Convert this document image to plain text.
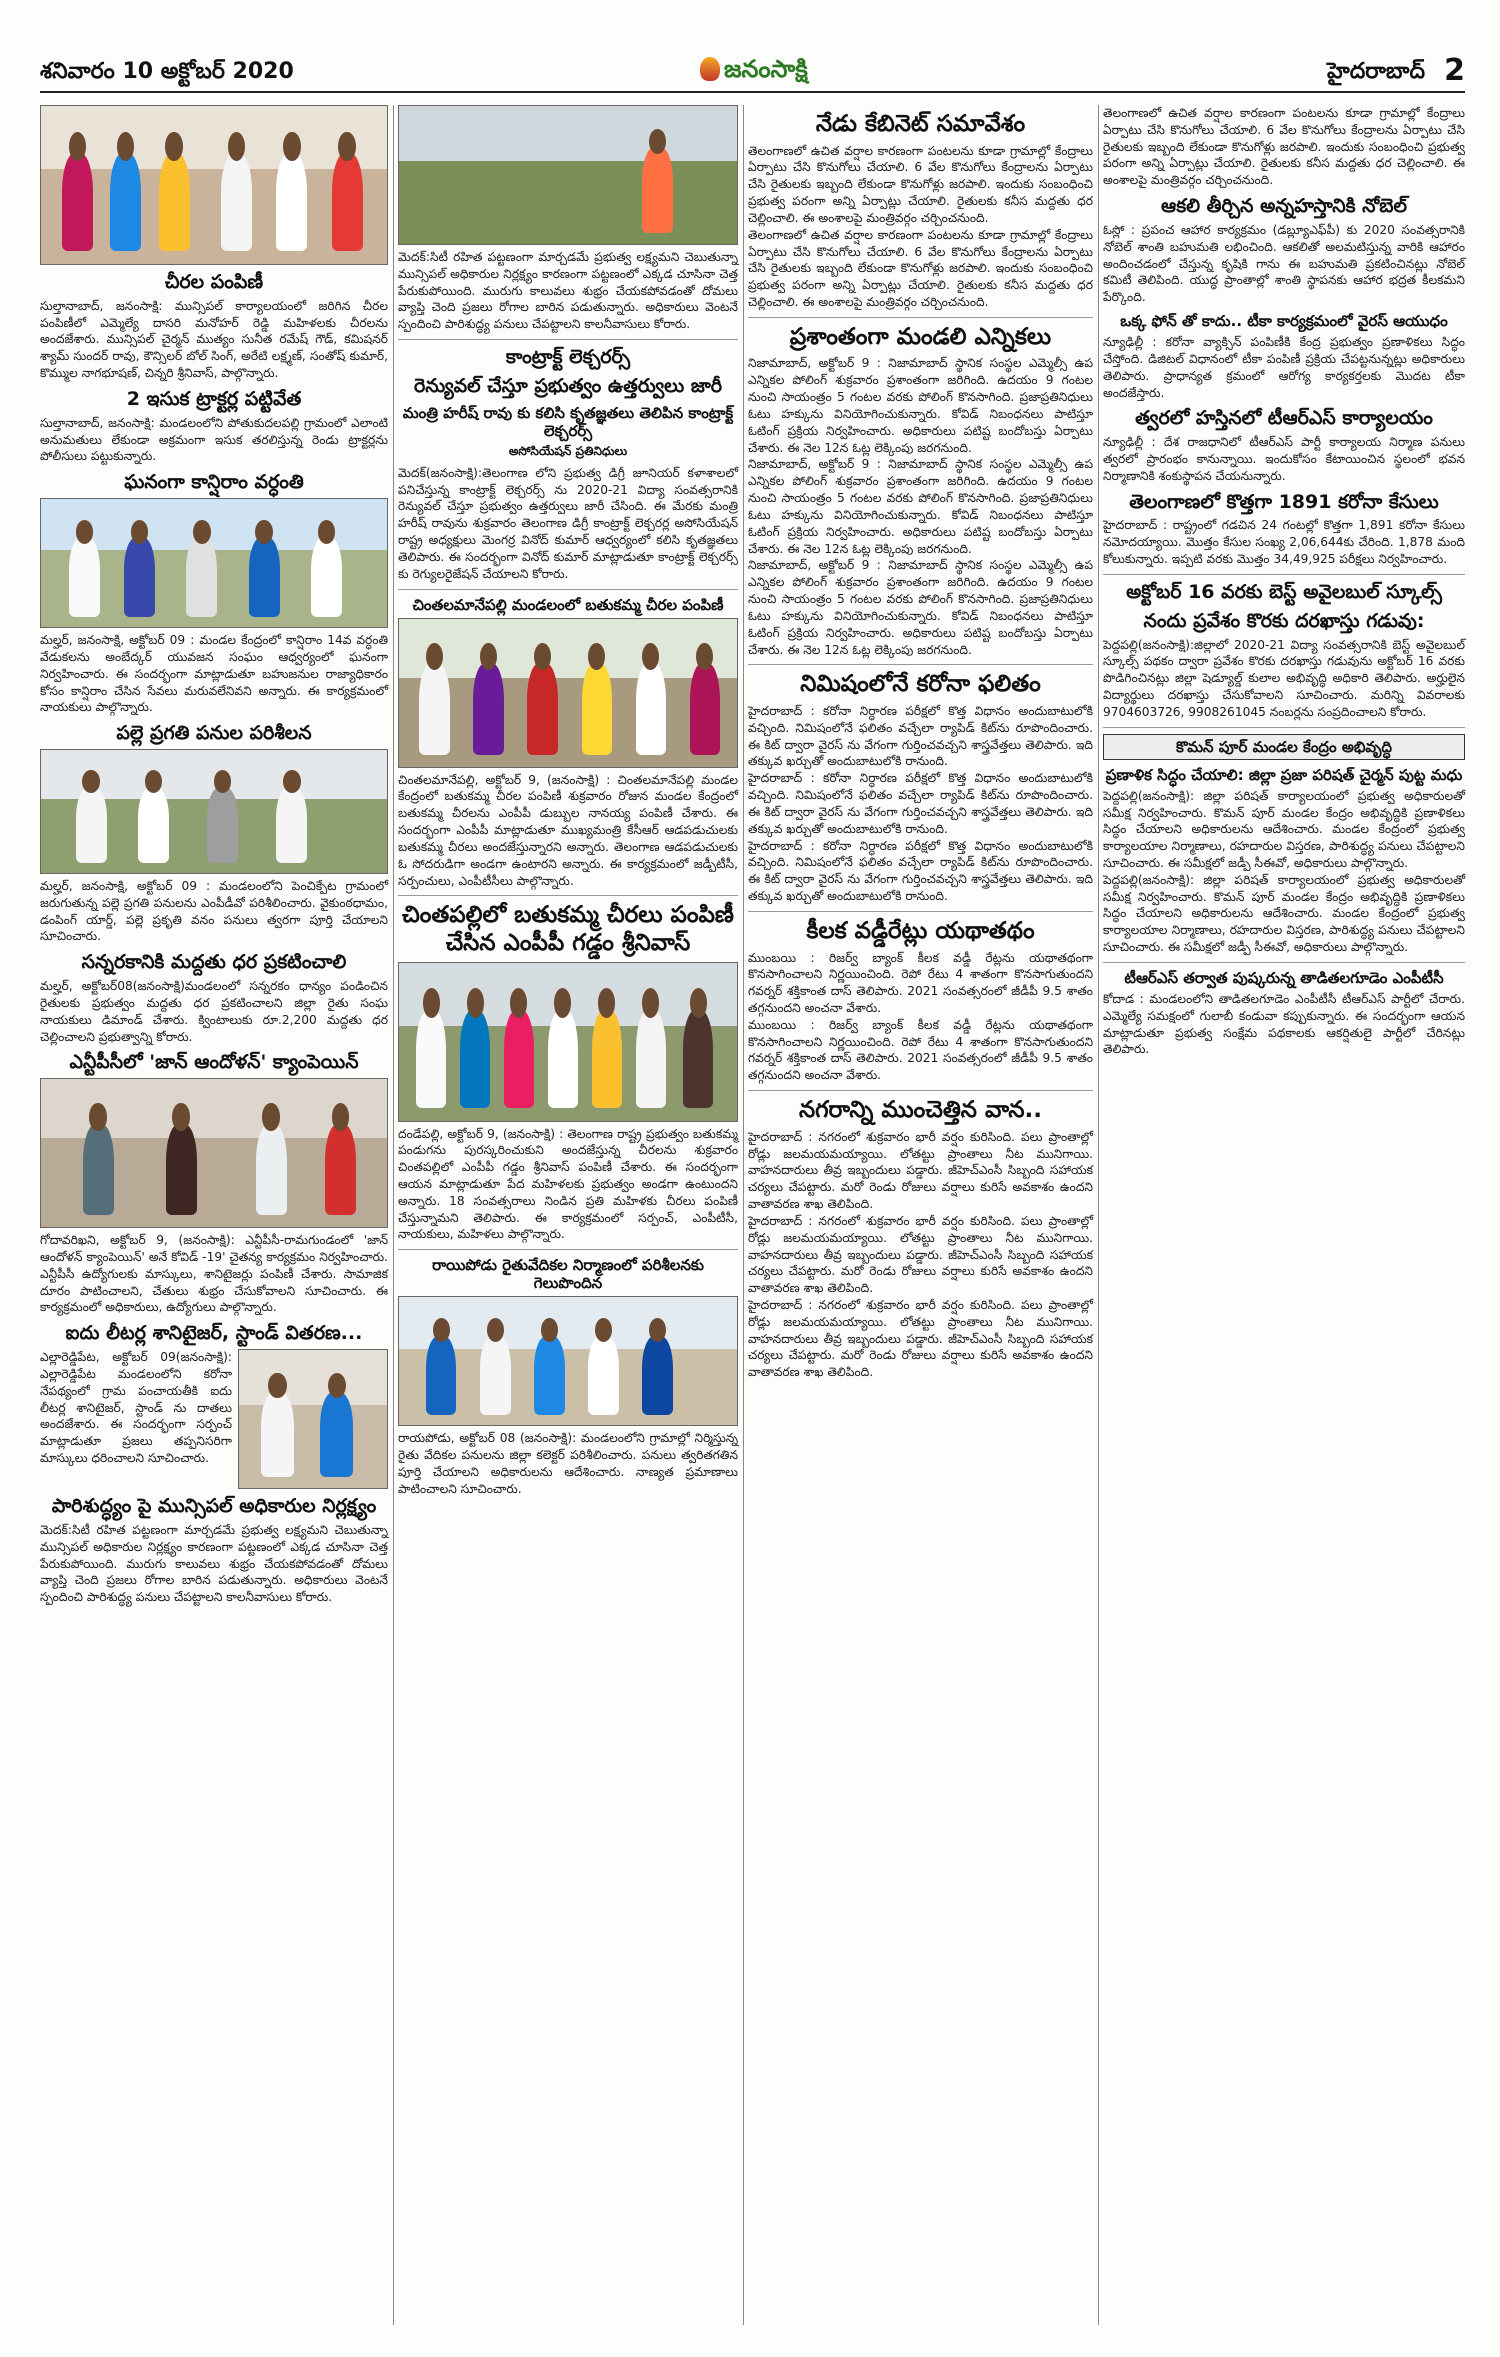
శనివారం 10 అక్టోబర్ 2020	జనంసాక్షి	హైదరాబాద్ 2
చీరల పంపిణీ
సుల్తానాబాద్, జనంసాక్షి: మున్సిపల్ కార్యాలయంలో జరిగిన చీరల పంపిణీలో ఎమ్మెల్యే దాసరి మనోహర్ రెడ్డి మహిళలకు చీరలను అందజేశారు. మున్సిపల్ చైర్మన్ ముత్యం సునీత రమేష్ గౌడ్, కమిషనర్ శ్యామ్ సుందర్ రావు, కౌన్సిలర్ బోల్ సింగ్, అరేటి లక్ష్మణ్, సంతోష్ కుమార్, కొమ్ముల నాగభూషణ్, చిన్నరి శ్రీనివాస్, పాల్గొన్నారు.
2 ఇసుక ట్రాక్టర్ల పట్టివేత
సుల్తానాబాద్, జనంసాక్షి: మండలంలోని పోతుకుదలపల్లి గ్రామంలో ఎలాంటి అనుమతులు లేకుండా అక్రమంగా ఇసుక తరలిస్తున్న రెండు ట్రాక్టర్లను పోలీసులు పట్టుకున్నారు.
ఘనంగా కాన్షిరాం వర్ధంతి
మల్హర్, జనంసాక్షి, అక్టోబర్ 09 : మండల కేంద్రంలో కాన్షిరాం 14వ వర్ధంతి వేడుకలను అంబేద్కర్ యువజన సంఘం ఆధ్వర్యంలో ఘనంగా నిర్వహించారు. ఈ సందర్భంగా మాట్లాడుతూ బహుజనుల రాజ్యాధికారం కోసం కాన్షిరాం చేసిన సేవలు మరువలేనివని అన్నారు. ఈ కార్యక్రమంలో నాయకులు పాల్గొన్నారు.
పల్లె ప్రగతి పనుల పరిశీలన
మల్హర్, జనంసాక్షి, అక్టోబర్ 09 : మండలంలోని పెంచిక్పేట గ్రామంలో జరుగుతున్న పల్లె ప్రగతి పనులను ఎంపీడీవో పరిశీలించారు. వైకుంఠధామం, డంపింగ్ యార్డ్, పల్లె ప్రకృతి వనం పనులు త్వరగా పూర్తి చేయాలని సూచించారు.
సన్నరకానికి మద్దతు ధర ప్రకటించాలి
మల్హర్, అక్టోబర్08(జనంసాక్షి)మండలంలో సన్నరకం ధాన్యం పండించిన రైతులకు ప్రభుత్వం మద్దతు ధర ప్రకటించాలని జిల్లా రైతు సంఘ నాయకులు డిమాండ్ చేశారు. క్వింటాలుకు రూ.2,200 మద్దతు ధర చెల్లించాలని ప్రభుత్వాన్ని కోరారు.
ఎన్టీపీసీలో 'జాన్ ఆందోళన్' క్యాంపెయిన్
గోదావరిఖని, అక్టోబర్ 9, (జనంసాక్షి): ఎన్టీపీసీ-రామగుండంలో 'జాన్ ఆందోళన్ క్యాంపెయిన్' అనే కోవిడ్ -19' చైతన్య కార్యక్రమం నిర్వహించారు. ఎన్టీపీసీ ఉద్యోగులకు మాస్కులు, శానిటైజర్లు పంపిణీ చేశారు. సామాజిక దూరం పాటించాలని, చేతులు శుభ్రం చేసుకోవాలని సూచించారు. ఈ కార్యక్రమంలో అధికారులు, ఉద్యోగులు పాల్గొన్నారు.
ఐదు లీటర్ల శానిటైజర్, స్టాండ్ వితరణ...
ఎల్లారెడ్డిపేట, అక్టోబర్ 09(జనంసాక్షి): ఎల్లారెడ్డిపేట మండలంలోని కరోనా నేపథ్యంలో గ్రామ పంచాయతీకి ఐదు లీటర్ల శానిటైజర్, స్టాండ్ ను దాతలు అందజేశారు. ఈ సందర్భంగా సర్పంచ్ మాట్లాడుతూ ప్రజలు తప్పనిసరిగా మాస్కులు ధరించాలని సూచించారు.
పారిశుద్ధ్యం పై మున్సిపల్ అధికారుల నిర్లక్ష్యం
మెదక్:సిటీ రహిత పట్టణంగా మార్చడమే ప్రభుత్వ లక్ష్యమని చెబుతున్నా మున్సిపల్ అధికారుల నిర్లక్ష్యం కారణంగా పట్టణంలో ఎక్కడ చూసినా చెత్త పేరుకుపోయింది. మురుగు కాలువలు శుభ్రం చేయకపోవడంతో దోమలు వ్యాప్తి చెంది ప్రజలు రోగాల బారిన పడుతున్నారు. అధికారులు వెంటనే స్పందించి పారిశుద్ధ్య పనులు చేపట్టాలని కాలనీవాసులు కోరారు.
మెదక్:సిటీ రహిత పట్టణంగా మార్చడమే ప్రభుత్వ లక్ష్యమని చెబుతున్నా మున్సిపల్ అధికారుల నిర్లక్ష్యం కారణంగా పట్టణంలో ఎక్కడ చూసినా చెత్త పేరుకుపోయింది. మురుగు కాలువలు శుభ్రం చేయకపోవడంతో దోమలు వ్యాప్తి చెంది ప్రజలు రోగాల బారిన పడుతున్నారు. అధికారులు వెంటనే స్పందించి పారిశుద్ధ్య పనులు చేపట్టాలని కాలనీవాసులు కోరారు.
కాంట్రాక్ట్ లెక్చరర్స్
రెన్యువల్ చేస్తూ ప్రభుత్వం ఉత్తర్వులు జారీ
మంత్రి హరీష్ రావు కు కలిసి కృతజ్ఞతలు తెలిపిన కాంట్రాక్ట్ లెక్చరర్స్
అసోసియేషన్ ప్రతినిధులు
మెదక్(జనంసాక్షి):తెలంగాణ లోని ప్రభుత్వ డిగ్రీ జూనియర్ కళాశాలలో పనిచేస్తున్న కాంట్రాక్ట్ లెక్చరర్స్ ను 2020-21 విద్యా సంవత్సరానికి రెన్యువల్ చేస్తూ ప్రభుత్వం ఉత్తర్వులు జారీ చేసింది. ఈ మేరకు మంత్రి హరీష్ రావును శుక్రవారం తెలంగాణ డిగ్రీ కాంట్రాక్ట్ లెక్చరర్ల అసోసియేషన్ రాష్ట్ర అధ్యక్షులు మెంగర్ర వినోద్ కుమార్ ఆధ్వర్యంలో కలిసి కృతజ్ఞతలు తెలిపారు. ఈ సందర్భంగా వినోద్ కుమార్ మాట్లాడుతూ కాంట్రాక్ట్ లెక్చరర్స్ కు రెగ్యులరైజేషన్ చేయాలని కోరారు.
చింతలమానేపల్లి మండలంలో బతుకమ్మ చీరల పంపిణీ
చింతలమానేపల్లి, అక్టోబర్ 9, (జనంసాక్షి) : చింతలమానేపల్లి మండల కేంద్రంలో బతుకమ్మ చీరల పంపిణీ శుక్రవారం రోజున మండల కేంద్రంలో బతుకమ్మ చీరలను ఎంపీపీ డుబ్బుల నానయ్య పంపిణీ చేశారు. ఈ సందర్భంగా ఎంపీపీ మాట్లాడుతూ ముఖ్యమంత్రి కేసీఆర్ ఆడపడుచులకు బతుకమ్మ చీరలు అందజేస్తున్నారని అన్నారు. తెలంగాణ ఆడపడుచులకు ఓ సోదరుడిగా అండగా ఉంటారని అన్నారు. ఈ కార్యక్రమంలో జడ్పీటీసీ, సర్పంచులు, ఎంపీటీసీలు పాల్గొన్నారు.
చింతపల్లిలో బతుకమ్మ చీరలు పంపిణీ చేసిన ఎంపీపీ గడ్డం శ్రీనివాస్
దండేపల్లి, అక్టోబర్ 9, (జనంసాక్షి) : తెలంగాణ రాష్ట్ర ప్రభుత్వం బతుకమ్మ పండుగను పురస్కరించుకుని అందజేస్తున్న చీరలను శుక్రవారం చింతపల్లిలో ఎంపీపీ గడ్డం శ్రీనివాస్ పంపిణీ చేశారు. ఈ సందర్భంగా ఆయన మాట్లాడుతూ పేద మహిళలకు ప్రభుత్వం అండగా ఉంటుందని అన్నారు. 18 సంవత్సరాలు నిండిన ప్రతి మహిళకు చీరలు పంపిణీ చేస్తున్నామని తెలిపారు. ఈ కార్యక్రమంలో సర్పంచ్, ఎంపీటీసీ, నాయకులు, మహిళలు పాల్గొన్నారు.
రాయిపోడు రైతువేదికల నిర్మాణంలో పరిశీలనకు గెలుపొందిన
రాయపోడు, అక్టోబర్ 08 (జనంసాక్షి): మండలంలోని గ్రామాల్లో నిర్మిస్తున్న రైతు వేదికల పనులను జిల్లా కలెక్టర్ పరిశీలించారు. పనులు త్వరితగతిన పూర్తి చేయాలని అధికారులను ఆదేశించారు. నాణ్యత ప్రమాణాలు పాటించాలని సూచించారు.
నేడు కేబినెట్ సమావేశం
తెలంగాణలో ఉచిత వర్షాల కారణంగా పంటలను కూడా గ్రామాల్లో కేంద్రాలు ఏర్పాటు చేసి కొనుగోలు చేయాలి. 6 వేల కొనుగోలు కేంద్రాలను ఏర్పాటు చేసి రైతులకు ఇబ్బంది లేకుండా కొనుగోళ్లు జరపాలి. ఇందుకు సంబంధించి ప్రభుత్వ పరంగా అన్ని ఏర్పాట్లు చేయాలి. రైతులకు కనీస మద్దతు ధర చెల్లించాలి. ఈ అంశాలపై మంత్రివర్గం చర్చించనుంది.
తెలంగాణలో ఉచిత వర్షాల కారణంగా పంటలను కూడా గ్రామాల్లో కేంద్రాలు ఏర్పాటు చేసి కొనుగోలు చేయాలి. 6 వేల కొనుగోలు కేంద్రాలను ఏర్పాటు చేసి రైతులకు ఇబ్బంది లేకుండా కొనుగోళ్లు జరపాలి. ఇందుకు సంబంధించి ప్రభుత్వ పరంగా అన్ని ఏర్పాట్లు చేయాలి. రైతులకు కనీస మద్దతు ధర చెల్లించాలి. ఈ అంశాలపై మంత్రివర్గం చర్చించనుంది.
ప్రశాంతంగా మండలి ఎన్నికలు
నిజామాబాద్, అక్టోబర్ 9 : నిజామాబాద్ స్థానిక సంస్థల ఎమ్మెల్సీ ఉప ఎన్నికల పోలింగ్ శుక్రవారం ప్రశాంతంగా జరిగింది. ఉదయం 9 గంటల నుంచి సాయంత్రం 5 గంటల వరకు పోలింగ్ కొనసాగింది. ప్రజాప్రతినిధులు ఓటు హక్కును వినియోగించుకున్నారు. కోవిడ్ నిబంధనలు పాటిస్తూ ఓటింగ్ ప్రక్రియ నిర్వహించారు. అధికారులు పటిష్ట బందోబస్తు ఏర్పాటు చేశారు. ఈ నెల 12న ఓట్ల లెక్కింపు జరగనుంది.
నిజామాబాద్, అక్టోబర్ 9 : నిజామాబాద్ స్థానిక సంస్థల ఎమ్మెల్సీ ఉప ఎన్నికల పోలింగ్ శుక్రవారం ప్రశాంతంగా జరిగింది. ఉదయం 9 గంటల నుంచి సాయంత్రం 5 గంటల వరకు పోలింగ్ కొనసాగింది. ప్రజాప్రతినిధులు ఓటు హక్కును వినియోగించుకున్నారు. కోవిడ్ నిబంధనలు పాటిస్తూ ఓటింగ్ ప్రక్రియ నిర్వహించారు. అధికారులు పటిష్ట బందోబస్తు ఏర్పాటు చేశారు. ఈ నెల 12న ఓట్ల లెక్కింపు జరగనుంది.
నిజామాబాద్, అక్టోబర్ 9 : నిజామాబాద్ స్థానిక సంస్థల ఎమ్మెల్సీ ఉప ఎన్నికల పోలింగ్ శుక్రవారం ప్రశాంతంగా జరిగింది. ఉదయం 9 గంటల నుంచి సాయంత్రం 5 గంటల వరకు పోలింగ్ కొనసాగింది. ప్రజాప్రతినిధులు ఓటు హక్కును వినియోగించుకున్నారు. కోవిడ్ నిబంధనలు పాటిస్తూ ఓటింగ్ ప్రక్రియ నిర్వహించారు. అధికారులు పటిష్ట బందోబస్తు ఏర్పాటు చేశారు. ఈ నెల 12న ఓట్ల లెక్కింపు జరగనుంది.
నిమిషంలోనే కరోనా ఫలితం
హైదరాబాద్ : కరోనా నిర్ధారణ పరీక్షలో కొత్త విధానం అందుబాటులోకి వచ్చింది. నిమిషంలోనే ఫలితం వచ్చేలా ర్యాపిడ్ కిట్‌ను రూపొందించారు. ఈ కిట్ ద్వారా వైరస్ ను వేగంగా గుర్తించవచ్చని శాస్త్రవేత్తలు తెలిపారు. ఇది తక్కువ ఖర్చుతో అందుబాటులోకి రానుంది.
హైదరాబాద్ : కరోనా నిర్ధారణ పరీక్షలో కొత్త విధానం అందుబాటులోకి వచ్చింది. నిమిషంలోనే ఫలితం వచ్చేలా ర్యాపిడ్ కిట్‌ను రూపొందించారు. ఈ కిట్ ద్వారా వైరస్ ను వేగంగా గుర్తించవచ్చని శాస్త్రవేత్తలు తెలిపారు. ఇది తక్కువ ఖర్చుతో అందుబాటులోకి రానుంది.
హైదరాబాద్ : కరోనా నిర్ధారణ పరీక్షలో కొత్త విధానం అందుబాటులోకి వచ్చింది. నిమిషంలోనే ఫలితం వచ్చేలా ర్యాపిడ్ కిట్‌ను రూపొందించారు. ఈ కిట్ ద్వారా వైరస్ ను వేగంగా గుర్తించవచ్చని శాస్త్రవేత్తలు తెలిపారు. ఇది తక్కువ ఖర్చుతో అందుబాటులోకి రానుంది.
కీలక వడ్డీరేట్లు యథాతథం
ముంబయి : రిజర్వ్ బ్యాంక్ కీలక వడ్డీ రేట్లను యథాతథంగా కొనసాగించాలని నిర్ణయించింది. రెపో రేటు 4 శాతంగా కొనసాగుతుందని గవర్నర్ శక్తికాంత దాస్ తెలిపారు. 2021 సంవత్సరంలో జీడీపీ 9.5 శాతం తగ్గనుందని అంచనా వేశారు.
ముంబయి : రిజర్వ్ బ్యాంక్ కీలక వడ్డీ రేట్లను యథాతథంగా కొనసాగించాలని నిర్ణయించింది. రెపో రేటు 4 శాతంగా కొనసాగుతుందని గవర్నర్ శక్తికాంత దాస్ తెలిపారు. 2021 సంవత్సరంలో జీడీపీ 9.5 శాతం తగ్గనుందని అంచనా వేశారు.
నగరాన్ని ముంచెత్తిన వాన..
హైదరాబాద్ : నగరంలో శుక్రవారం భారీ వర్షం కురిసింది. పలు ప్రాంతాల్లో రోడ్లు జలమయమయ్యాయి. లోతట్టు ప్రాంతాలు నీట మునిగాయి. వాహనదారులు తీవ్ర ఇబ్బందులు పడ్డారు. జీహెచ్ఎంసీ సిబ్బంది సహాయక చర్యలు చేపట్టారు. మరో రెండు రోజులు వర్షాలు కురిసే అవకాశం ఉందని వాతావరణ శాఖ తెలిపింది.
హైదరాబాద్ : నగరంలో శుక్రవారం భారీ వర్షం కురిసింది. పలు ప్రాంతాల్లో రోడ్లు జలమయమయ్యాయి. లోతట్టు ప్రాంతాలు నీట మునిగాయి. వాహనదారులు తీవ్ర ఇబ్బందులు పడ్డారు. జీహెచ్ఎంసీ సిబ్బంది సహాయక చర్యలు చేపట్టారు. మరో రెండు రోజులు వర్షాలు కురిసే అవకాశం ఉందని వాతావరణ శాఖ తెలిపింది.
హైదరాబాద్ : నగరంలో శుక్రవారం భారీ వర్షం కురిసింది. పలు ప్రాంతాల్లో రోడ్లు జలమయమయ్యాయి. లోతట్టు ప్రాంతాలు నీట మునిగాయి. వాహనదారులు తీవ్ర ఇబ్బందులు పడ్డారు. జీహెచ్ఎంసీ సిబ్బంది సహాయక చర్యలు చేపట్టారు. మరో రెండు రోజులు వర్షాలు కురిసే అవకాశం ఉందని వాతావరణ శాఖ తెలిపింది.
తెలంగాణలో ఉచిత వర్షాల కారణంగా పంటలను కూడా గ్రామాల్లో కేంద్రాలు ఏర్పాటు చేసి కొనుగోలు చేయాలి. 6 వేల కొనుగోలు కేంద్రాలను ఏర్పాటు చేసి రైతులకు ఇబ్బంది లేకుండా కొనుగోళ్లు జరపాలి. ఇందుకు సంబంధించి ప్రభుత్వ పరంగా అన్ని ఏర్పాట్లు చేయాలి. రైతులకు కనీస మద్దతు ధర చెల్లించాలి. ఈ అంశాలపై మంత్రివర్గం చర్చించనుంది.
ఆకలి తీర్చిన అన్నహస్తానికి నోబెల్
ఓస్లో : ప్రపంచ ఆహార కార్యక్రమం (డబ్ల్యూఎఫ్‌పీ) కు 2020 సంవత్సరానికి నోబెల్ శాంతి బహుమతి లభించింది. ఆకలితో అలమటిస్తున్న వారికి ఆహారం అందించడంలో చేస్తున్న కృషికి గాను ఈ బహుమతి ప్రకటించినట్లు నోబెల్ కమిటీ తెలిపింది. యుద్ధ ప్రాంతాల్లో శాంతి స్థాపనకు ఆహార భద్రత కీలకమని పేర్కొంది.
ఒక్క ఫోన్ తో కాదు.. టీకా కార్యక్రమంలో వైరస్ ఆయుధం
న్యూఢిల్లీ : కరోనా వ్యాక్సిన్ పంపిణీకి కేంద్ర ప్రభుత్వం ప్రణాళికలు సిద్ధం చేస్తోంది. డిజిటల్ విధానంలో టీకా పంపిణీ ప్రక్రియ చేపట్టనున్నట్లు అధికారులు తెలిపారు. ప్రాధాన్యత క్రమంలో ఆరోగ్య కార్యకర్తలకు మొదట టీకా అందజేస్తారు.
త్వరలో హస్తినలో టీఆర్ఎస్ కార్యాలయం
న్యూఢిల్లీ : దేశ రాజధానిలో టీఆర్ఎస్ పార్టీ కార్యాలయ నిర్మాణ పనులు త్వరలో ప్రారంభం కానున్నాయి. ఇందుకోసం కేటాయించిన స్థలంలో భవన నిర్మాణానికి శంకుస్థాపన చేయనున్నారు.
తెలంగాణలో కొత్తగా 1891 కరోనా కేసులు
హైదరాబాద్ : రాష్ట్రంలో గడచిన 24 గంటల్లో కొత్తగా 1,891 కరోనా కేసులు నమోదయ్యాయి. మొత్తం కేసుల సంఖ్య 2,06,644కు చేరింది. 1,878 మంది కోలుకున్నారు. ఇప్పటి వరకు మొత్తం 34,49,925 పరీక్షలు నిర్వహించారు.
అక్టోబర్ 16 వరకు బెస్ట్ అవైలబుల్ స్కూల్స్
నందు ప్రవేశం కొరకు దరఖాస్తు గడువు:
పెద్దపల్లి(జనంసాక్షి):జిల్లాలో 2020-21 విద్యా సంవత్సరానికి బెస్ట్ అవైలబుల్ స్కూల్స్ పథకం ద్వారా ప్రవేశం కొరకు దరఖాస్తు గడువును అక్టోబర్ 16 వరకు పొడిగించినట్లు జిల్లా షెడ్యూల్డ్ కులాల అభివృద్ధి అధికారి తెలిపారు. అర్హులైన విద్యార్థులు దరఖాస్తు చేసుకోవాలని సూచించారు. మరిన్ని వివరాలకు 9704603726, 9908261045 నంబర్లను సంప్రదించాలని కోరారు.
కొమన్ పూర్ మండల కేంద్రం అభివృద్ధి
ప్రణాళిక సిద్ధం చేయాలి: జిల్లా ప్రజా పరిషత్ చైర్మన్ పుట్ట మధు
పెద్దపల్లి(జనంసాక్షి): జిల్లా పరిషత్ కార్యాలయంలో ప్రభుత్వ అధికారులతో సమీక్ష నిర్వహించారు. కొమన్ పూర్ మండల కేంద్రం అభివృద్ధికి ప్రణాళికలు సిద్ధం చేయాలని అధికారులను ఆదేశించారు. మండల కేంద్రంలో ప్రభుత్వ కార్యాలయాల నిర్మాణాలు, రహదారుల విస్తరణ, పారిశుద్ధ్య పనులు చేపట్టాలని సూచించారు. ఈ సమీక్షలో జడ్పీ సీఈవో, అధికారులు పాల్గొన్నారు.
పెద్దపల్లి(జనంసాక్షి): జిల్లా పరిషత్ కార్యాలయంలో ప్రభుత్వ అధికారులతో సమీక్ష నిర్వహించారు. కొమన్ పూర్ మండల కేంద్రం అభివృద్ధికి ప్రణాళికలు సిద్ధం చేయాలని అధికారులను ఆదేశించారు. మండల కేంద్రంలో ప్రభుత్వ కార్యాలయాల నిర్మాణాలు, రహదారుల విస్తరణ, పారిశుద్ధ్య పనులు చేపట్టాలని సూచించారు. ఈ సమీక్షలో జడ్పీ సీఈవో, అధికారులు పాల్గొన్నారు.
టీఆర్ఎస్ తర్వాత పుష్కరున్న తాడితలగూడెం ఎంపీటీసీ
కోదాడ : మండలంలోని తాడితలగూడెం ఎంపీటీసీ టీఆర్ఎస్ పార్టీలో చేరారు. ఎమ్మెల్యే సమక్షంలో గులాబీ కండువా కప్పుకున్నారు. ఈ సందర్భంగా ఆయన మాట్లాడుతూ ప్రభుత్వ సంక్షేమ పథకాలకు ఆకర్షితులై పార్టీలో చేరినట్లు తెలిపారు.
